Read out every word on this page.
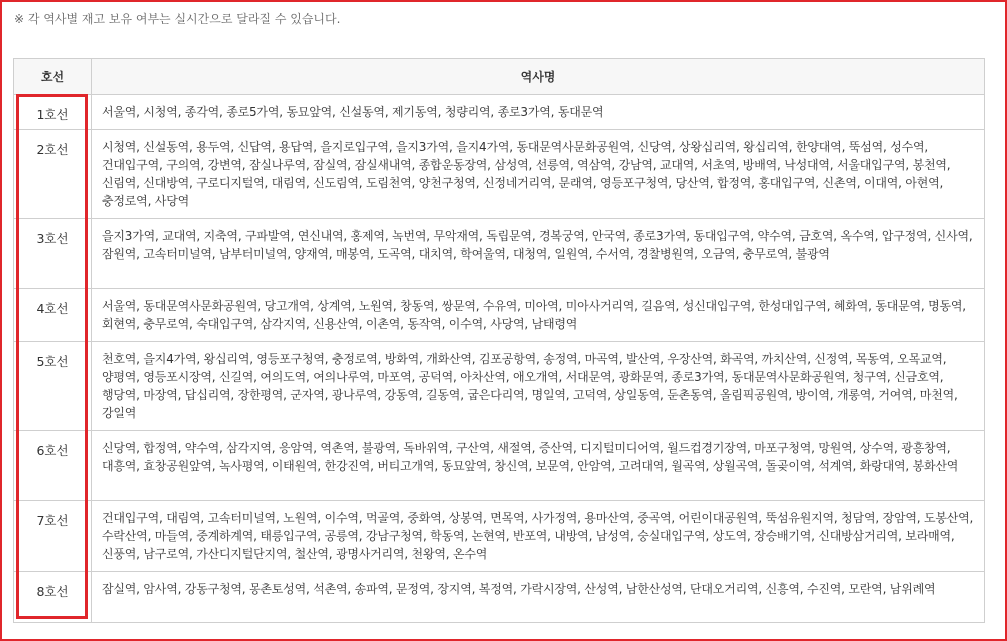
※ 각 역사별 재고 보유 여부는 실시간으로 달라질 수 있습니다.
호선	역사명
1호선	서울역, 시청역, 종각역, 종로5가역, 동묘앞역, 신설동역, 제기동역, 청량리역, 종로3가역, 동대문역
2호선	시청역, 신설동역, 용두역, 신답역, 용답역, 을지로입구역, 을지3가역, 을지4가역, 동대문역사문화공원역, 신당역, 상왕십리역, 왕십리역, 한양대역, 뚝섬역, 성수역, 건대입구역, 구의역, 강변역, 잠실나루역, 잠실역, 잠실새내역, 종합운동장역, 삼성역, 선릉역, 역삼역, 강남역, 교대역, 서초역, 방배역, 낙성대역, 서울대입구역, 봉천역, 신림역, 신대방역, 구로디지털역, 대림역, 신도림역, 도림천역, 양천구청역, 신정네거리역, 문래역, 영등포구청역, 당산역, 합정역, 홍대입구역, 신촌역, 이대역, 아현역, 충정로역, 사당역
3호선	을지3가역, 교대역, 지축역, 구파발역, 연신내역, 홍제역, 녹번역, 무악재역, 독립문역, 경복궁역, 안국역, 종로3가역, 동대입구역, 약수역, 금호역, 옥수역, 압구정역, 신사역, 잠원역, 고속터미널역, 남부터미널역, 양재역, 매봉역, 도곡역, 대치역, 학여울역, 대청역, 일원역, 수서역, 경찰병원역, 오금역, 충무로역, 불광역
4호선	서울역, 동대문역사문화공원역, 당고개역, 상계역, 노원역, 창동역, 쌍문역, 수유역, 미아역, 미아사거리역, 길음역, 성신대입구역, 한성대입구역, 혜화역, 동대문역, 명동역, 회현역, 충무로역, 숙대입구역, 삼각지역, 신용산역, 이촌역, 동작역, 이수역, 사당역, 남태령역
5호선	천호역, 을지4가역, 왕십리역, 영등포구청역, 충정로역, 방화역, 개화산역, 김포공항역, 송정역, 마곡역, 발산역, 우장산역, 화곡역, 까치산역, 신정역, 목동역, 오목교역, 양평역, 영등포시장역, 신길역, 여의도역, 여의나루역, 마포역, 공덕역, 아차산역, 애오개역, 서대문역, 광화문역, 종로3가역, 동대문역사문화공원역, 청구역, 신금호역, 행당역, 마장역, 답십리역, 장한평역, 군자역, 광나루역, 강동역, 길동역, 굽은다리역, 명일역, 고덕역, 상일동역, 둔촌동역, 올림픽공원역, 방이역, 개롱역, 거여역, 마천역, 강일역
6호선	신당역, 합정역, 약수역, 삼각지역, 응암역, 역촌역, 불광역, 독바위역, 구산역, 새절역, 증산역, 디지털미디어역, 월드컵경기장역, 마포구청역, 망원역, 상수역, 광흥창역, 대흥역, 효창공원앞역, 녹사평역, 이태원역, 한강진역, 버티고개역, 동묘앞역, 창신역, 보문역, 안암역, 고려대역, 월곡역, 상월곡역, 돌곶이역, 석계역, 화랑대역, 봉화산역
7호선	건대입구역, 대림역, 고속터미널역, 노원역, 이수역, 먹골역, 중화역, 상봉역, 면목역, 사가정역, 용마산역, 중곡역, 어린이대공원역, 뚝섬유원지역, 청담역, 장암역, 도봉산역, 수락산역, 마들역, 중계하계역, 태릉입구역, 공릉역, 강남구청역, 학동역, 논현역, 반포역, 내방역, 남성역, 숭실대입구역, 상도역, 장승배기역, 신대방삼거리역, 보라매역, 신풍역, 남구로역, 가산디지털단지역, 철산역, 광명사거리역, 천왕역, 온수역
8호선	잠실역, 암사역, 강동구청역, 몽촌토성역, 석촌역, 송파역, 문정역, 장지역, 복정역, 가락시장역, 산성역, 남한산성역, 단대오거리역, 신흥역, 수진역, 모란역, 남위례역
